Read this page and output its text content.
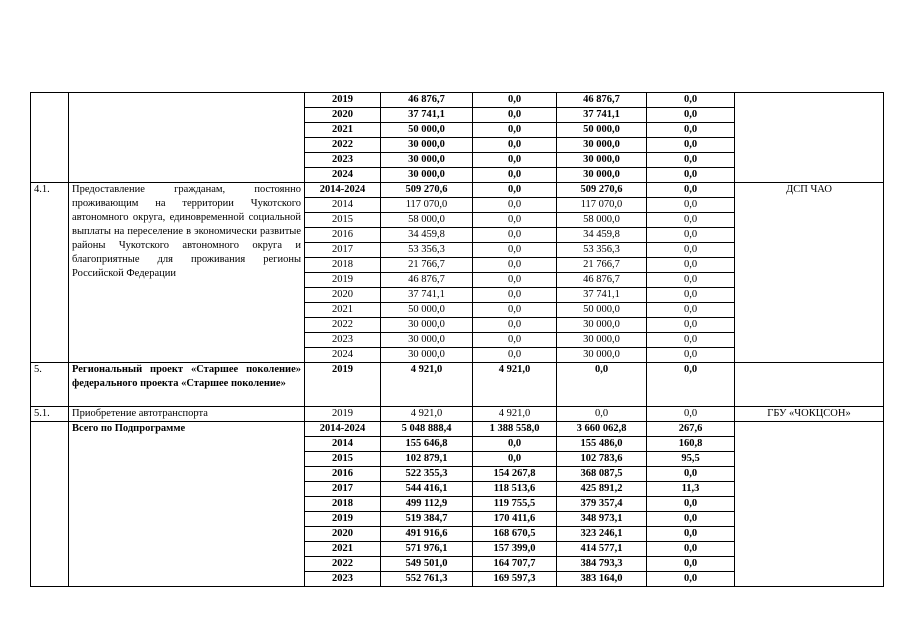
		2019	46 876,7	0,0	46 876,7	0,0	
		2020	37 741,1	0,0	37 741,1	0,0	
		2021	50 000,0	0,0	50 000,0	0,0	
		2022	30 000,0	0,0	30 000,0	0,0	
		2023	30 000,0	0,0	30 000,0	0,0	
		2024	30 000,0	0,0	30 000,0	0,0	
4.1.	Предоставление гражданам, постоянно проживающим на территории Чукотского автономного округа, единовременной социальной выплаты на переселение в экономически развитые районы Чукотского автономного округа и благоприятные для проживания регионы Российской Федерации	2014-2024	509 270,6	0,0	509 270,6	0,0	ДСП ЧАО
		2014	117 070,0	0,0	117 070,0	0,0	
		2015	58 000,0	0,0	58 000,0	0,0	
		2016	34 459,8	0,0	34 459,8	0,0	
		2017	53 356,3	0,0	53 356,3	0,0	
		2018	21 766,7	0,0	21 766,7	0,0	
		2019	46 876,7	0,0	46 876,7	0,0	
		2020	37 741,1	0,0	37 741,1	0,0	
		2021	50 000,0	0,0	50 000,0	0,0	
		2022	30 000,0	0,0	30 000,0	0,0	
		2023	30 000,0	0,0	30 000,0	0,0	
		2024	30 000,0	0,0	30 000,0	0,0	
5.	Региональный проект «Старшее поколение» федерального проекта «Старшее поколение»	2019	4 921,0	4 921,0	0,0	0,0	
5.1.	Приобретение автотранспорта	2019	4 921,0	4 921,0	0,0	0,0	ГБУ «ЧОКЦСОН»
	Всего по Подпрограмме	2014-2024	5 048 888,4	1 388 558,0	3 660 062,8	267,6	
		2014	155 646,8	0,0	155 486,0	160,8	
		2015	102 879,1	0,0	102 783,6	95,5	
		2016	522 355,3	154 267,8	368 087,5	0,0	
		2017	544 416,1	118 513,6	425 891,2	11,3	
		2018	499 112,9	119 755,5	379 357,4	0,0	
		2019	519 384,7	170 411,6	348 973,1	0,0	
		2020	491 916,6	168 670,5	323 246,1	0,0	
		2021	571 976,1	157 399,0	414 577,1	0,0	
		2022	549 501,0	164 707,7	384 793,3	0,0	
		2023	552 761,3	169 597,3	383 164,0	0,0	
